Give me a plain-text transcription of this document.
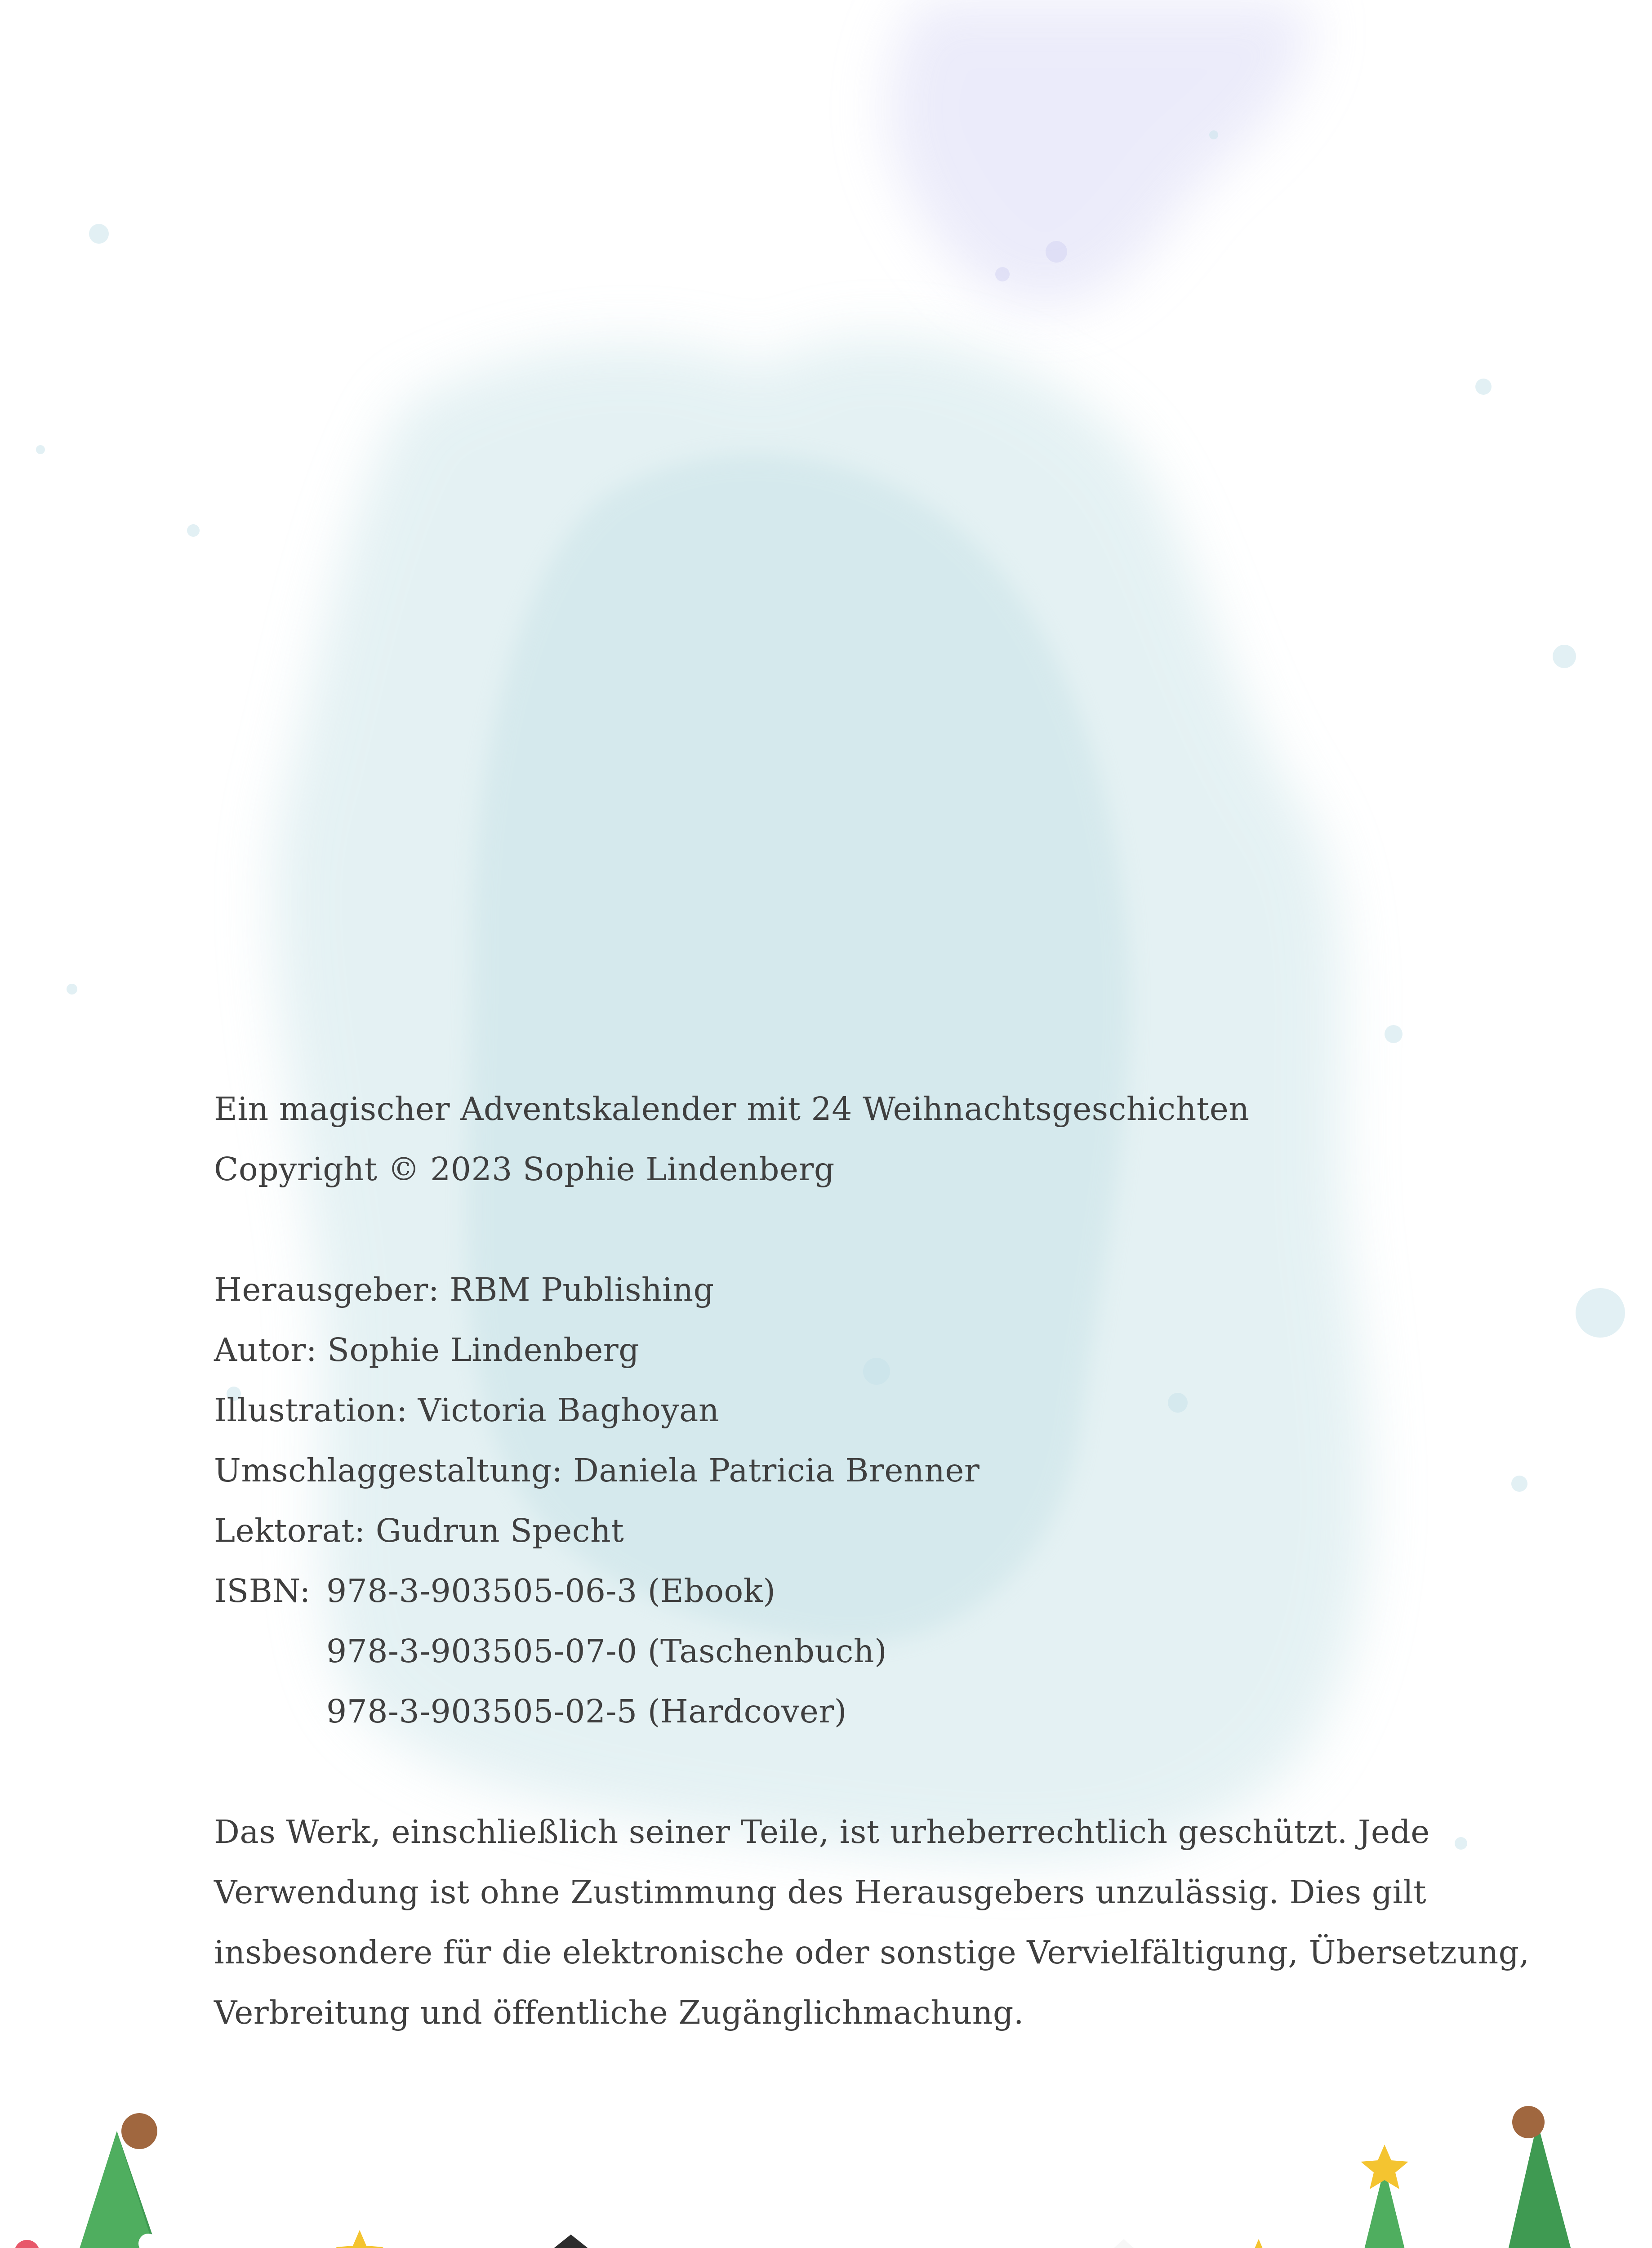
Ein magischer Adventskalender mit 24 Weihnachtsgeschichten
Copyright © 2023 Sophie Lindenberg
Herausgeber: RBM Publishing
Autor: Sophie Lindenberg
Illustration: Victoria Baghoyan
Umschlaggestaltung: Daniela Patricia Brenner
Lektorat: Gudrun Specht
ISBN: 978-3-903505-06-3 (Ebook)
978-3-903505-07-0 (Taschenbuch)
978-3-903505-02-5 (Hardcover)
Das Werk, einschließlich seiner Teile, ist urheberrechtlich geschützt. Jede
Verwendung ist ohne Zustimmung des Herausgebers unzulässig. Dies gilt
insbesondere für die elektronische oder sonstige Vervielfältigung, Übersetzung,
Verbreitung und öffentliche Zugänglichmachung.
